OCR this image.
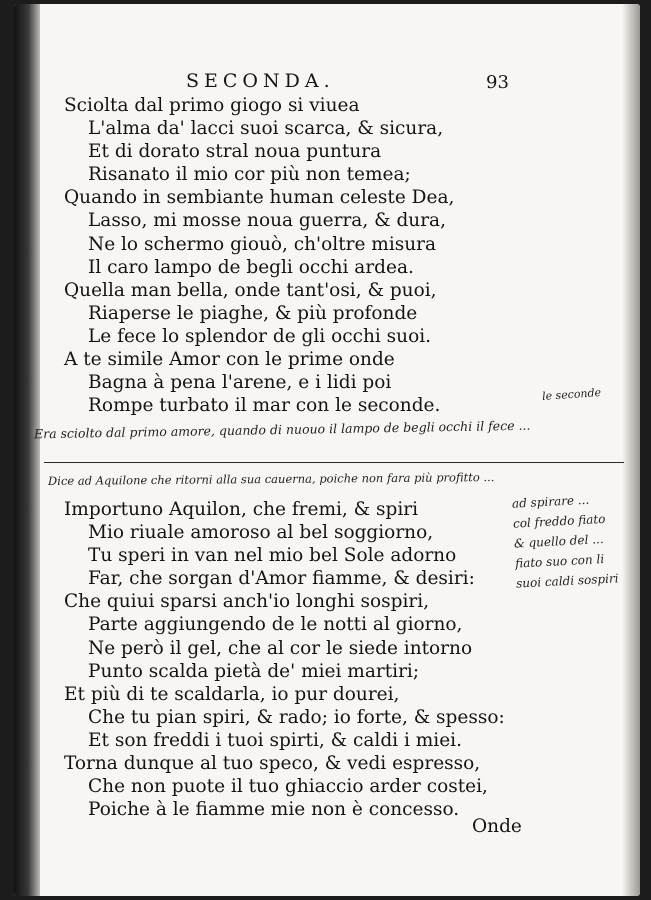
SECONDA.	93
Sciolta dal primo giogo si viuea
L'alma da' lacci suoi scarca, & sicura,
Et di dorato stral noua puntura
Risanato il mio cor più non temea;
Quando in sembiante human celeste Dea,
Lasso, mi mosse noua guerra, & dura,
Ne lo schermo giouò, ch'oltre misura
Il caro lampo de begli occhi ardea.
Quella man bella, onde tant'osi, & puoi,
Riaperse le piaghe, & più profonde
Le fece lo splendor de gli occhi suoi.
A te simile Amor con le prime onde
Bagna à pena l'arene, e i lidi poi
Rompe turbato il mar con le seconde.
le seconde
Era sciolto dal primo amore, quando di nuouo il lampo de begli occhi il fece ...
Dice ad Aquilone che ritorni alla sua cauerna, poiche non fara più profitto ...
ad spirare ...
col freddo fiato
& quello del ...
fiato suo con li
suoi caldi sospiri
Importuno Aquilon, che fremi, & spiri
Mio riuale amoroso al bel soggiorno,
Tu speri in van nel mio bel Sole adorno
Far, che sorgan d'Amor fiamme, & desiri:
Che quiui sparsi anch'io longhi sospiri,
Parte aggiungendo de le notti al giorno,
Ne però il gel, che al cor le siede intorno
Punto scalda pietà de' miei martiri;
Et più di te scaldarla, io pur dourei,
Che tu pian spiri, & rado; io forte, & spesso:
Et son freddi i tuoi spirti, & caldi i miei.
Torna dunque al tuo speco, & vedi espresso,
Che non puote il tuo ghiaccio arder costei,
Poiche à le fiamme mie non è concesso.
Onde
